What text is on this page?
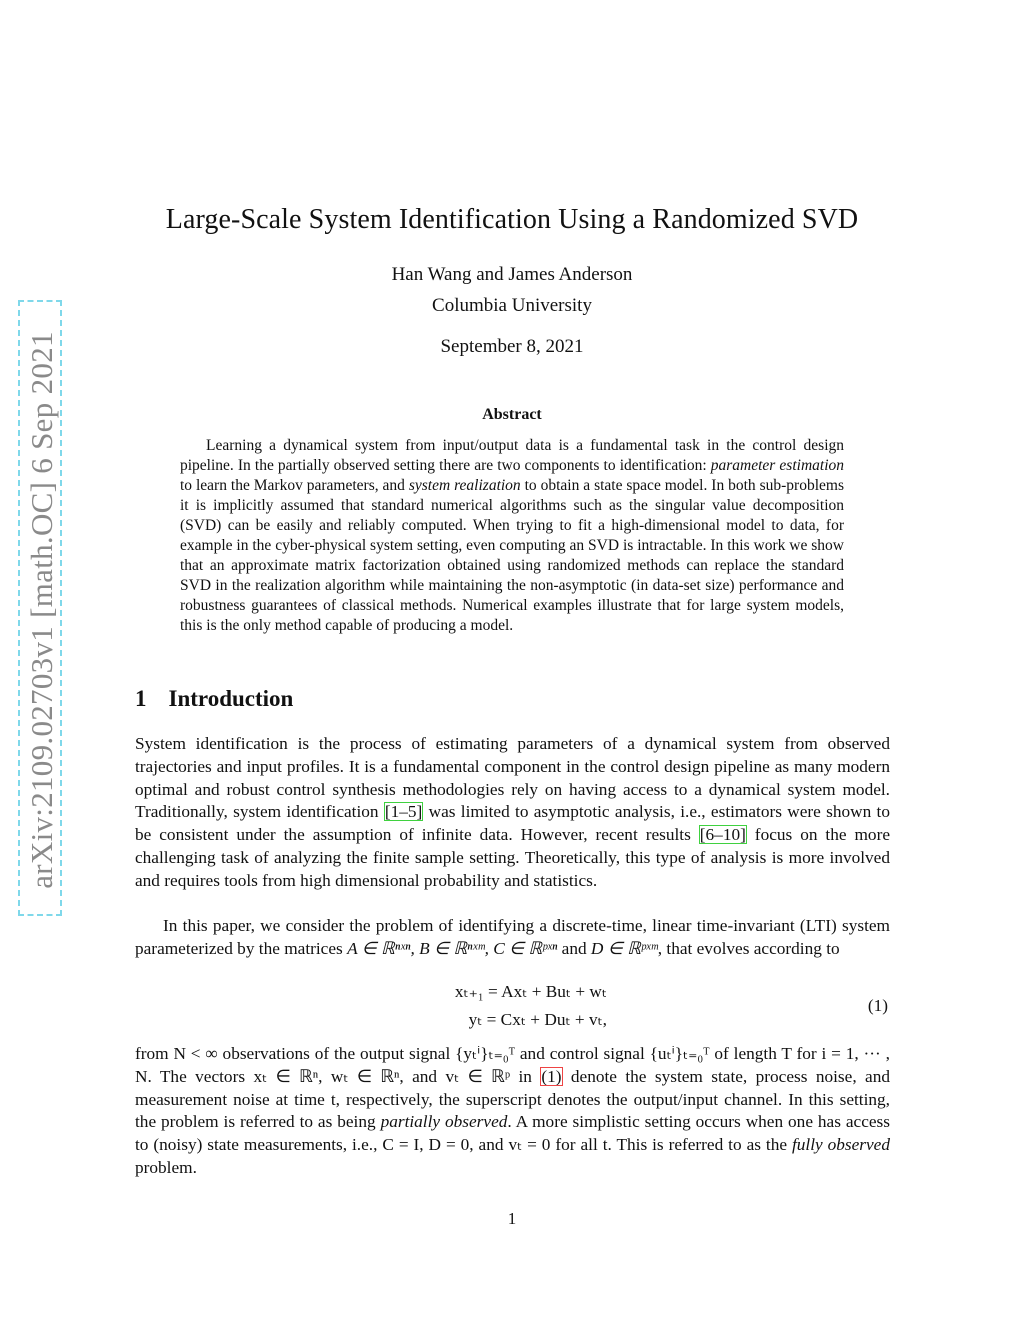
arXiv:2109.02703v1 [math.OC] 6 Sep 2021
Large-Scale System Identification Using a Randomized SVD
Han Wang and James Anderson
Columbia University
September 8, 2021
Abstract

Learning a dynamical system from input/output data is a fundamental task in the control design pipeline. In the partially observed setting there are two components to identification: parameter estimation to learn the Markov parameters, and system realization to obtain a state space model. In both sub-problems it is implicitly assumed that standard numerical algorithms such as the singular value decomposition (SVD) can be easily and reliably computed. When trying to fit a high-dimensional model to data, for example in the cyber-physical system setting, even computing an SVD is intractable. In this work we show that an approximate matrix factorization obtained using randomized methods can replace the standard SVD in the realization algorithm while maintaining the non-asymptotic (in data-set size) performance and robustness guarantees of classical methods. Numerical examples illustrate that for large system models, this is the only method capable of producing a model.

1 Introduction

System identification is the process of estimating parameters of a dynamical system from observed trajectories and input profiles. It is a fundamental component in the control design pipeline as many modern optimal and robust control synthesis methodologies rely on having access to a dynamical system model. Traditionally, system identification [1–5] was limited to asymptotic analysis, i.e., estimators were shown to be consistent under the assumption of infinite data. However, recent results [6–10] focus on the more challenging task of analyzing the finite sample setting. Theoretically, this type of analysis is more involved and requires tools from high dimensional probability and statistics.

In this paper, we consider the problem of identifying a discrete-time, linear time-invariant (LTI) system parameterized by the matrices A ∈ ℝⁿˣⁿ, B ∈ ℝⁿˣᵐ, C ∈ ℝᵖˣⁿ and D ∈ ℝᵖˣᵐ, that evolves according to

xₜ₊₁ = Axₜ + Buₜ + wₜ
yₜ = Cxₜ + Duₜ + vₜ,
(1)

from N < ∞ observations of the output signal {yₜⁱ}ₜ₌₀ᵀ and control signal {uₜⁱ}ₜ₌₀ᵀ of length T for i = 1, ··· , N. The vectors xₜ ∈ ℝⁿ, wₜ ∈ ℝⁿ, and vₜ ∈ ℝᵖ in (1) denote the system state, process noise, and measurement noise at time t, respectively, the superscript denotes the output/input channel. In this setting, the problem is referred to as being partially observed. A more simplistic setting occurs when one has access to (noisy) state measurements, i.e., C = I, D = 0, and vₜ = 0 for all t. This is referred to as the fully observed problem.

1
